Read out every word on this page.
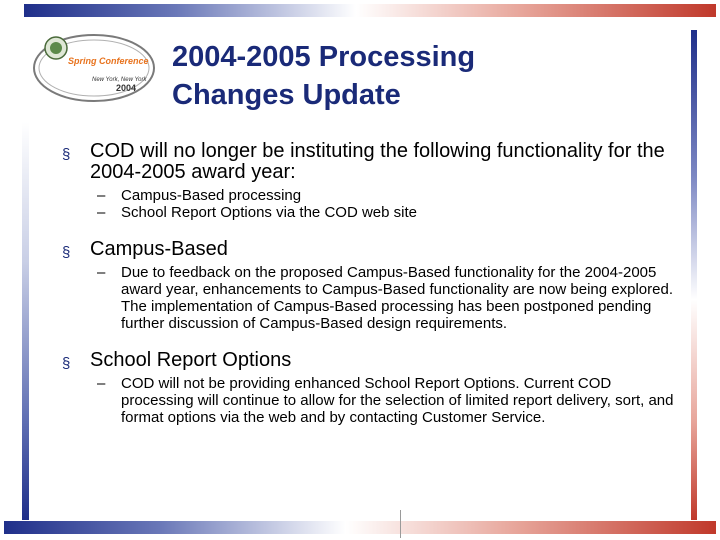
Spring Conference
New York, New York
2004
2004-2005 Processing
Changes Update
§ COD will no longer be instituting the following functionality for the 2004-2005 award year:
– Campus-Based processing
– School Report Options via the COD web site
§ Campus-Based
– Due to feedback on the proposed Campus-Based functionality for the 2004-2005 award year, enhancements to Campus-Based functionality are now being explored. The implementation of Campus-Based processing has been postponed pending further discussion of Campus-Based design requirements.
§ School Report Options
– COD will not be providing enhanced School Report Options. Current COD processing will continue to allow for the selection of limited report delivery, sort, and format options via the web and by contacting Customer Service.
